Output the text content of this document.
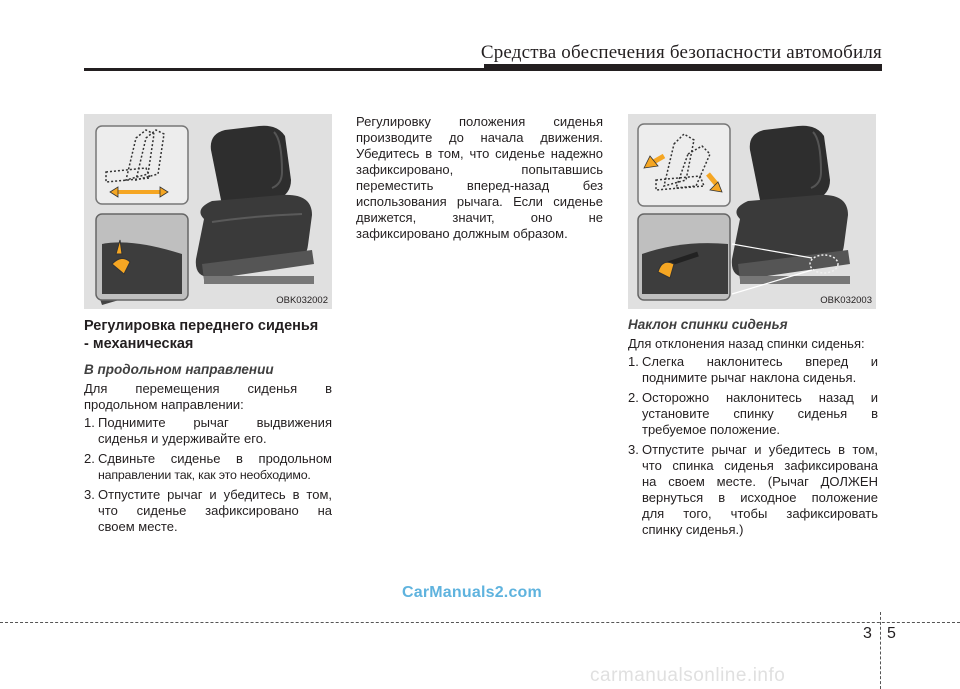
Средства обеспечения безопасности автомобиля
OBK032002	OBK032003

Регулировка переднего сиденья

- механическая

В продольном направлении

Для перемещения сиденья в

продольном направлении:

1. Поднимите рычаг выдвижения

сиденья и удерживайте его.

2. Сдвиньте сиденье в продольном

направлении так, как это необходимо.

3. Отпустите рычаг и убедитесь в том,

что сиденье зафиксировано на

своем месте.

Регулировку положения сиденья

производите до начала движения.

Убедитесь в том, что сиденье надежно

зафиксировано, попытавшись

переместить вперед-назад без

использования рычага. Если сиденье

движется, значит, оно не

зафиксировано должным образом.

Наклон спинки сиденья

Для отклонения назад спинки сиденья:

1. Слегка наклонитесь вперед и

поднимите рычаг наклона сиденья.

2. Осторожно наклонитесь назад и

установите спинку сиденья в

требуемое положение.

3. Отпустите рычаг и убедитесь в том,

что спинка сиденья зафиксирована

на своем месте. (Рычаг ДОЛЖЕН

вернуться в исходное положение

для того, чтобы зафиксировать

спинку сиденья.)

CarManuals2.com
3 5
carmanualsonline.info
